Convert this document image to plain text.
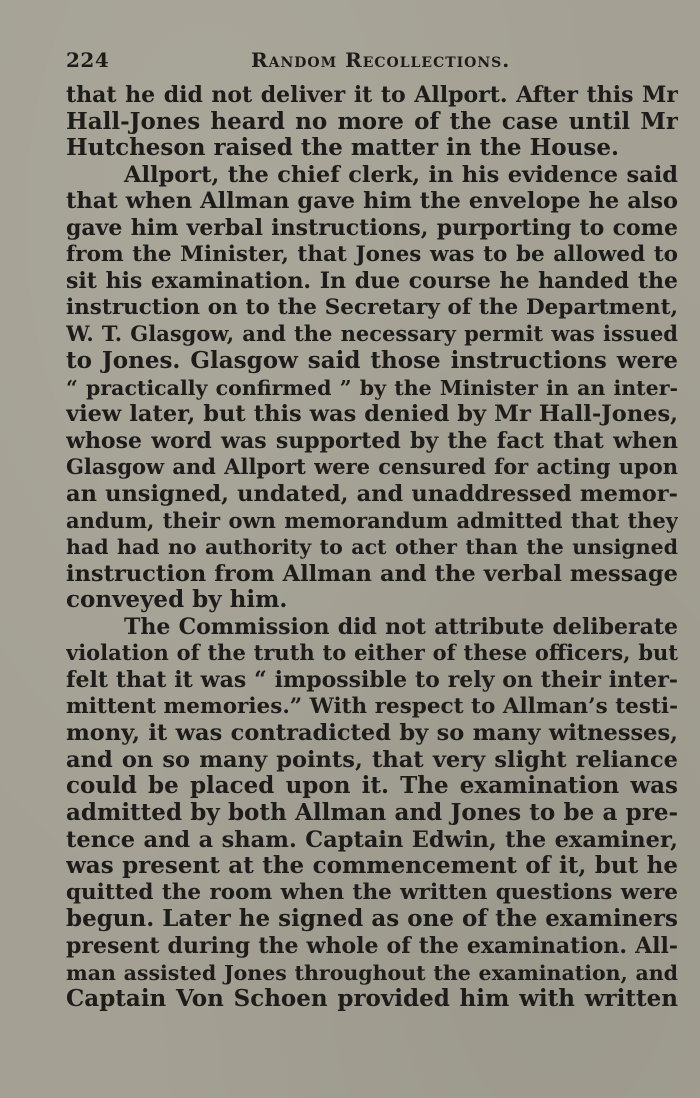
224	Random Recollections.
that he did not deliver it to Allport. After this Mr
Hall-Jones heard no more of the case until Mr
Hutcheson raised the matter in the House.
Allport, the chief clerk, in his evidence said
that when Allman gave him the envelope he also
gave him verbal instructions, purporting to come
from the Minister, that Jones was to be allowed to
sit his examination. In due course he handed the
instruction on to the Secretary of the Department,
W. T. Glasgow, and the necessary permit was issued
to Jones. Glasgow said those instructions were
“ practically confirmed ” by the Minister in an inter-
view later, but this was denied by Mr Hall-Jones,
whose word was supported by the fact that when
Glasgow and Allport were censured for acting upon
an unsigned, undated, and unaddressed memor-
andum, their own memorandum admitted that they
had had no authority to act other than the unsigned
instruction from Allman and the verbal message
conveyed by him.
The Commission did not attribute deliberate
violation of the truth to either of these officers, but
felt that it was “ impossible to rely on their inter-
mittent memories.” With respect to Allman’s testi-
mony, it was contradicted by so many witnesses,
and on so many points, that very slight reliance
could be placed upon it. The examination was
admitted by both Allman and Jones to be a pre-
tence and a sham. Captain Edwin, the examiner,
was present at the commencement of it, but he
quitted the room when the written questions were
begun. Later he signed as one of the examiners
present during the whole of the examination. All-
man assisted Jones throughout the examination, and
Captain Von Schoen provided him with written
